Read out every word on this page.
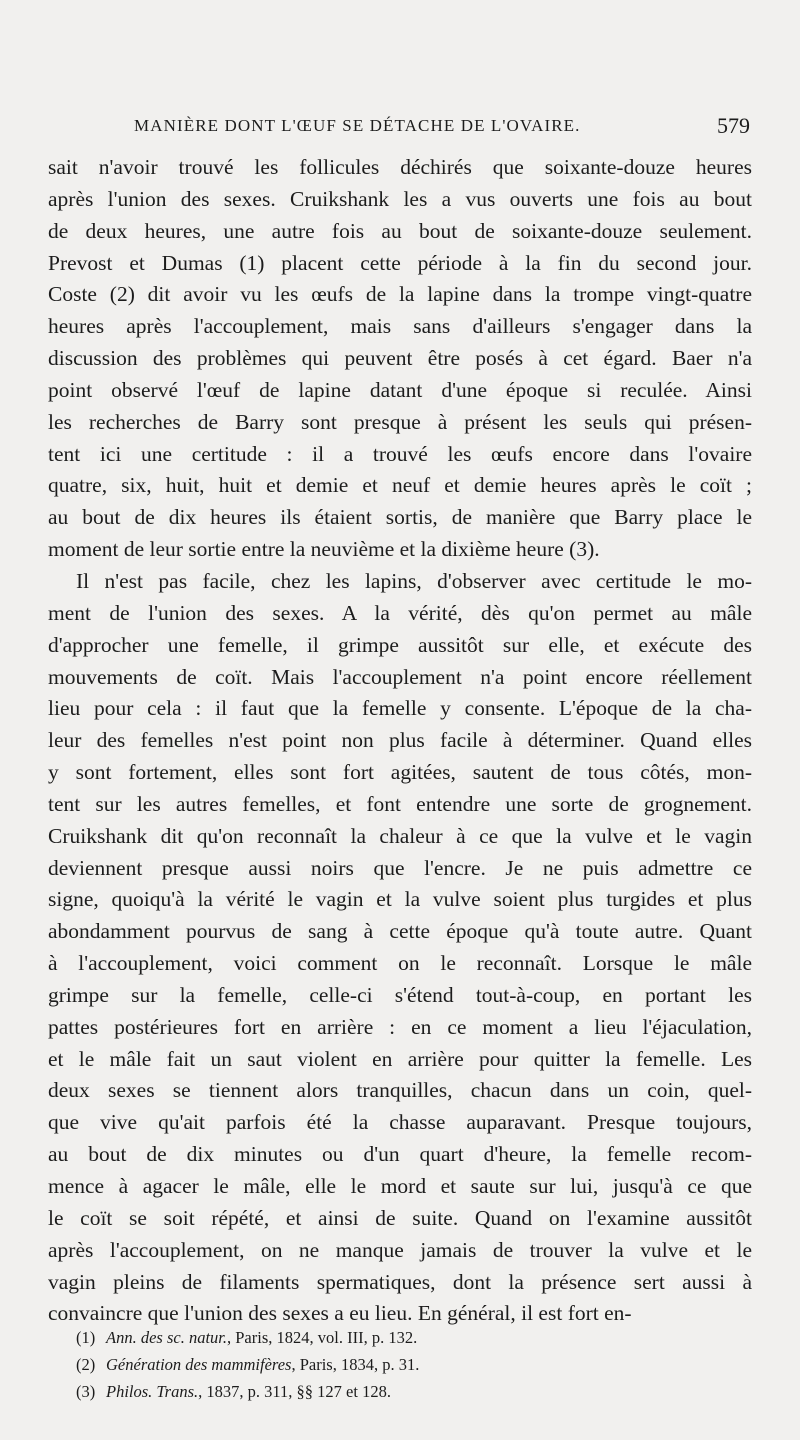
MANIÈRE DONT L'ŒUF SE DÉTACHE DE L'OVAIRE.	579
sait n'avoir trouvé les follicules déchirés que soixante-douze heures
après l'union des sexes. Cruikshank les a vus ouverts une fois au bout
de deux heures, une autre fois au bout de soixante-douze seulement.
Prevost et Dumas (1) placent cette période à la fin du second jour.
Coste (2) dit avoir vu les œufs de la lapine dans la trompe vingt-quatre
heures après l'accouplement, mais sans d'ailleurs s'engager dans la
discussion des problèmes qui peuvent être posés à cet égard. Baer n'a
point observé l'œuf de lapine datant d'une époque si reculée. Ainsi
les recherches de Barry sont presque à présent les seuls qui présen-
tent ici une certitude : il a trouvé les œufs encore dans l'ovaire
quatre, six, huit, huit et demie et neuf et demie heures après le coït ;
au bout de dix heures ils étaient sortis, de manière que Barry place le
moment de leur sortie entre la neuvième et la dixième heure (3).
Il n'est pas facile, chez les lapins, d'observer avec certitude le mo-
ment de l'union des sexes. A la vérité, dès qu'on permet au mâle
d'approcher une femelle, il grimpe aussitôt sur elle, et exécute des
mouvements de coït. Mais l'accouplement n'a point encore réellement
lieu pour cela : il faut que la femelle y consente. L'époque de la cha-
leur des femelles n'est point non plus facile à déterminer. Quand elles
y sont fortement, elles sont fort agitées, sautent de tous côtés, mon-
tent sur les autres femelles, et font entendre une sorte de grognement.
Cruikshank dit qu'on reconnaît la chaleur à ce que la vulve et le vagin
deviennent presque aussi noirs que l'encre. Je ne puis admettre ce
signe, quoiqu'à la vérité le vagin et la vulve soient plus turgides et plus
abondamment pourvus de sang à cette époque qu'à toute autre. Quant
à l'accouplement, voici comment on le reconnaît. Lorsque le mâle
grimpe sur la femelle, celle-ci s'étend tout-à-coup, en portant les
pattes postérieures fort en arrière : en ce moment a lieu l'éjaculation,
et le mâle fait un saut violent en arrière pour quitter la femelle. Les
deux sexes se tiennent alors tranquilles, chacun dans un coin, quel-
que vive qu'ait parfois été la chasse auparavant. Presque toujours,
au bout de dix minutes ou d'un quart d'heure, la femelle recom-
mence à agacer le mâle, elle le mord et saute sur lui, jusqu'à ce que
le coït se soit répété, et ainsi de suite. Quand on l'examine aussitôt
après l'accouplement, on ne manque jamais de trouver la vulve et le
vagin pleins de filaments spermatiques, dont la présence sert aussi à
convaincre que l'union des sexes a eu lieu. En général, il est fort en-
(1) Ann. des sc. natur., Paris, 1824, vol. III, p. 132.
(2) Génération des mammifères, Paris, 1834, p. 31.
(3) Philos. Trans., 1837, p. 311, §§ 127 et 128.
